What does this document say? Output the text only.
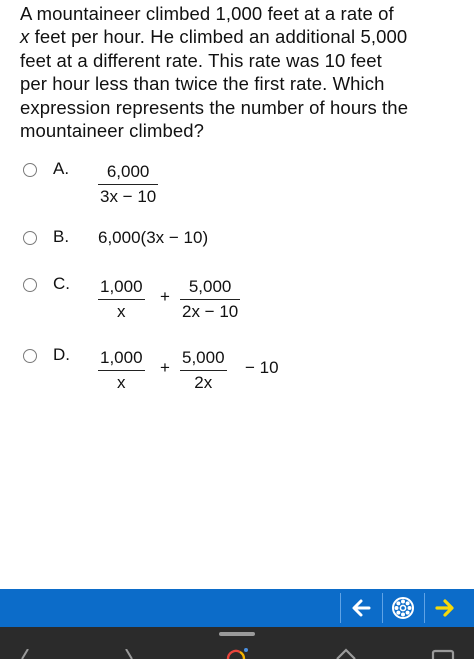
A mountaineer climbed 1,000 feet at a rate of
x feet per hour. He climbed an additional 5,000
feet at a different rate. This rate was 10 feet
per hour less than twice the first rate. Which
expression represents the number of hours the
mountaineer climbed?
A. $\frac{6,000}{3x - 10}$
B. 6,000(3x − 10)
C. $\frac{1,000}{x} + \frac{5,000}{2x - 10}$
D. $\frac{1,000}{x} + \frac{5,000}{2x} - 10$
